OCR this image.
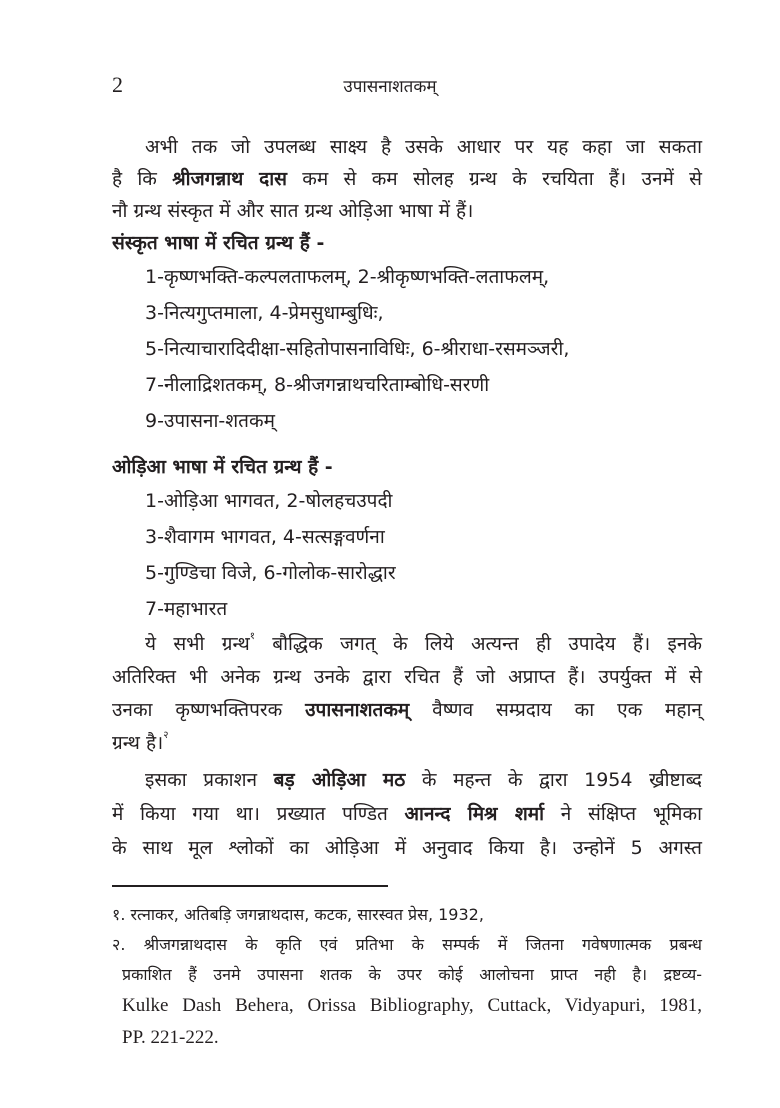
2	उपासनाशतकम्
अभी तक जो उपलब्ध साक्ष्य है उसके आधार पर यह कहा जा सकता
है कि श्रीजगन्नाथ दास कम से कम सोलह ग्रन्थ के रचयिता हैं। उनमें से
नौ ग्रन्थ संस्कृत में और सात ग्रन्थ ओड़िआ भाषा में हैं।
संस्कृत भाषा में रचित ग्रन्थ हैं -
1-कृष्णभक्ति-कल्पलताफलम्, 2-श्रीकृष्णभक्ति-लताफलम्,
3-नित्यगुप्तमाला, 4-प्रेमसुधाम्बुधिः,
5-नित्याचारादिदीक्षा-सहितोपासनाविधिः, 6-श्रीराधा-रसमञ्जरी,
7-नीलाद्रिशतकम्, 8-श्रीजगन्नाथचरिताम्बोधि-सरणी
9-उपासना-शतकम्
ओड़िआ भाषा में रचित ग्रन्थ हैं -
1-ओड़िआ भागवत, 2-षोलहचउपदी
3-शैवागम भागवत, 4-सत्सङ्गवर्णना
5-गुण्डिचा विजे, 6-गोलोक-सारोद्धार
7-महाभारत
ये सभी ग्रन्थ$^१$ बौद्धिक जगत् के लिये अत्यन्त ही उपादेय हैं। इनके
अतिरिक्त भी अनेक ग्रन्थ उनके द्वारा रचित हैं जो अप्राप्त हैं। उपर्युक्त में से
उनका कृष्णभक्तिपरक उपासनाशतकम् वैष्णव सम्प्रदाय का एक महान्
ग्रन्थ है।$^२$
इसका प्रकाशन बड़ ओड़िआ मठ के महन्त के द्वारा 1954 ख्रीष्टाब्द
में किया गया था। प्रख्यात पण्डित आनन्द मिश्र शर्मा ने संक्षिप्त भूमिका
के साथ मूल श्लोकों का ओड़िआ में अनुवाद किया है। उन्होनें 5 अगस्त
१. रत्नाकर, अतिबड़ि जगन्नाथदास, कटक, सारस्वत प्रेस, 1932,
२. श्रीजगन्नाथदास के कृति एवं प्रतिभा के सम्पर्क में जितना गवेषणात्मक प्रबन्ध
प्रकाशित हैं उनमे उपासना शतक के उपर कोई आलोचना प्राप्त नही है। द्रष्टव्य-
Kulke Dash Behera, Orissa Bibliography, Cuttack, Vidyapuri, 1981,
PP. 221-222.
